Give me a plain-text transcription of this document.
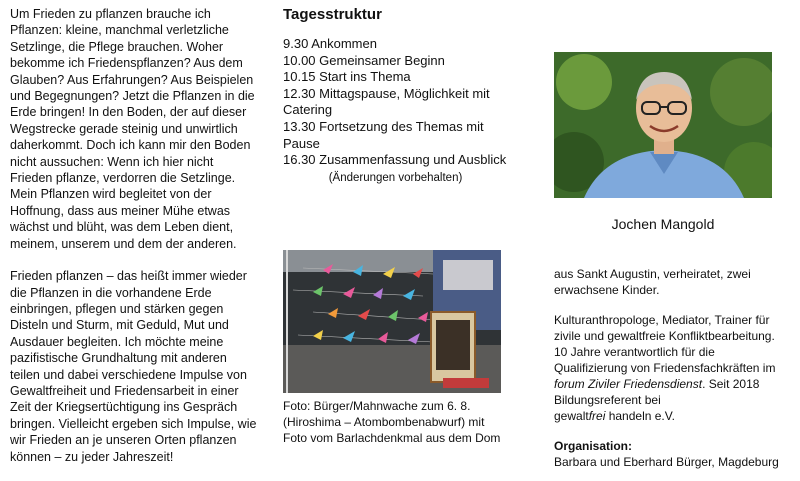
Um Frieden zu pflanzen brauche ich Pflanzen: kleine, manchmal verletzliche Setzlinge, die Pflege brauchen. Woher bekomme ich Friedenspflanzen? Aus dem Glauben? Aus Erfahrungen? Aus Beispielen und Begegnungen? Jetzt die Pflanzen in die Erde bringen! In den Boden, der auf dieser Wegstrecke gerade steinig und unwirtlich daherkommt. Doch ich kann mir den Boden nicht aussuchen: Wenn ich hier nicht Frieden pflanze, verdorren die Setzlinge. Mein Pflanzen wird begleitet von der Hoffnung, dass aus meiner Mühe etwas wächst und blüht, was dem Leben dient, meinem, unserem und dem der anderen.

Frieden pflanzen – das heißt immer wieder die Pflanzen in die vorhandene Erde einbringen, pflegen und stärken gegen Disteln und Sturm, mit Geduld, Mut und Ausdauer begleiten. Ich möchte meine pazifistische Grundhaltung mit anderen teilen und dabei verschiedene Impulse von Gewaltfreiheit und Friedensarbeit in einer Zeit der Kriegsertüchtigung ins Gespräch bringen. Vielleicht ergeben sich Impulse, wie wir Frieden an je unseren Orten pflanzen können – zu jeder Jahreszeit!

Tagesstruktur
9.30 Ankommen
10.00 Gemeinsamer Beginn
10.15 Start ins Thema
12.30 Mittagspause, Möglichkeit mit Catering
13.30 Fortsetzung des Themas mit Pause
16.30 Zusammenfassung und Ausblick
(Änderungen vorbehalten)
Foto: Bürger/Mahnwache zum 6. 8. (Hiroshima – Atombombenabwurf) mit Foto vom Barlachdenkmal aus dem Dom
Jochen Mangold

aus Sankt Augustin, verheiratet, zwei erwachsene Kinder.

Kulturanthropologe, Mediator, Trainer für zivile und gewaltfreie Konfliktbearbeitung. 10 Jahre verantwortlich für die Qualifizierung von Friedensfachkräften im forum Ziviler Friedensdienst. Seit 2018 Bildungsreferent bei
gewaltfrei handeln e.V.

Organisation:
Barbara und Eberhard Bürger, Magdeburg
